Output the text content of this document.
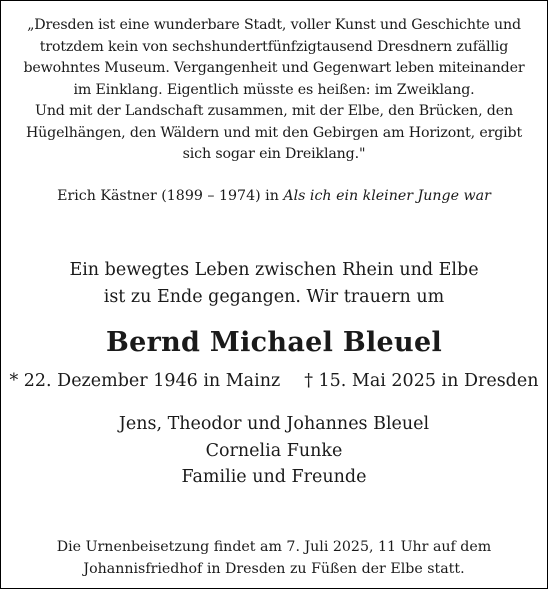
„Dresden ist eine wunderbare Stadt, voller Kunst und Geschichte und
trotzdem kein von sechshundertfünfzigtausend Dresdnern zufällig
bewohntes Museum. Vergangenheit und Gegenwart leben miteinander
im Einklang. Eigentlich müsste es heißen: im Zweiklang.
Und mit der Landschaft zusammen, mit der Elbe, den Brücken, den
Hügelhängen, den Wäldern und mit den Gebirgen am Horizont, ergibt
sich sogar ein Dreiklang."
Erich Kästner (1899 – 1974) in Als ich ein kleiner Junge war
Ein bewegtes Leben zwischen Rhein und Elbe
ist zu Ende gegangen. Wir trauern um
Bernd Michael Bleuel
* 22. Dezember 1946 in Mainz † 15. Mai 2025 in Dresden
Jens, Theodor und Johannes Bleuel
Cornelia Funke
Familie und Freunde
Die Urnenbeisetzung findet am 7. Juli 2025, 11 Uhr auf dem
Johannisfriedhof in Dresden zu Füßen der Elbe statt.
